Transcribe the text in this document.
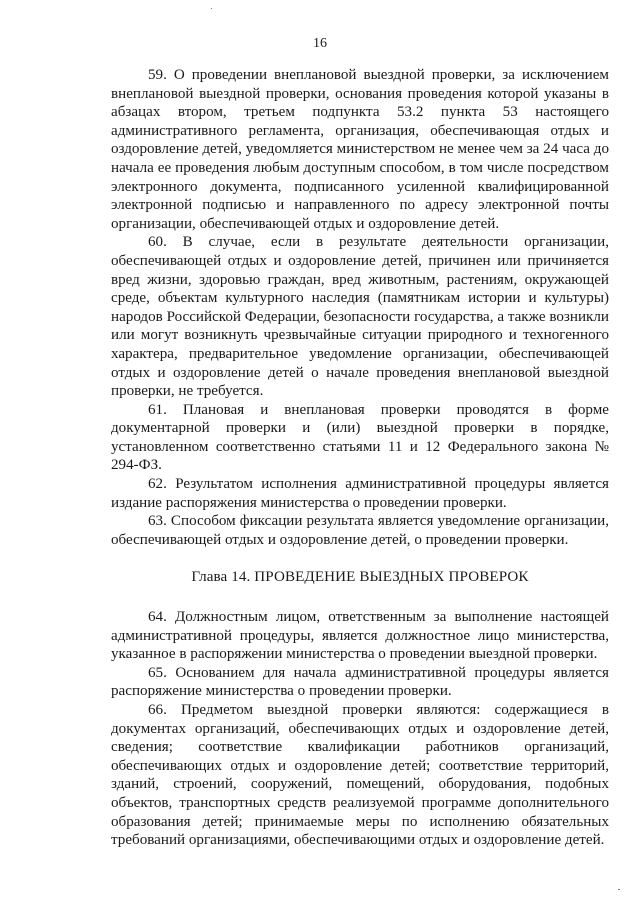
16

59. О проведении внеплановой выездной проверки, за исключением внеплановой выездной проверки, основания проведения которой указаны в абзацах втором, третьем подпункта 53.2 пункта 53 настоящего административного регламента, организация, обеспечивающая отдых и оздоровление детей, уведомляется министерством не менее чем за 24 часа до начала ее проведения любым доступным способом, в том числе посредством электронного документа, подписанного усиленной квалифицированной электронной подписью и направленного по адресу электронной почты организации, обеспечивающей отдых и оздоровление детей.

60. В случае, если в результате деятельности организации, обеспечивающей отдых и оздоровление детей, причинен или причиняется вред жизни, здоровью граждан, вред животным, растениям, окружающей среде, объектам культурного наследия (памятникам истории и культуры) народов Российской Федерации, безопасности государства, а также возникли или могут возникнуть чрезвычайные ситуации природного и техногенного характера, предварительное уведомление организации, обеспечивающей отдых и оздоровление детей о начале проведения внеплановой выездной проверки, не требуется.

61. Плановая и внеплановая проверки проводятся в форме документарной проверки и (или) выездной проверки в порядке, установленном соответственно статьями 11 и 12 Федерального закона № 294-ФЗ.

62. Результатом исполнения административной процедуры является издание распоряжения министерства о проведении проверки.

63. Способом фиксации результата является уведомление организации, обеспечивающей отдых и оздоровление детей, о проведении проверки.

Глава 14. ПРОВЕДЕНИЕ ВЫЕЗДНЫХ ПРОВЕРОК

64. Должностным лицом, ответственным за выполнение настоящей административной процедуры, является должностное лицо министерства, указанное в распоряжении министерства о проведении выездной проверки.

65. Основанием для начала административной процедуры является распоряжение министерства о проведении проверки.

66. Предметом выездной проверки являются: содержащиеся в документах организаций, обеспечивающих отдых и оздоровление детей, сведения; соответствие квалификации работников организаций, обеспечивающих отдых и оздоровление детей; соответствие территорий, зданий, строений, сооружений, помещений, оборудования, подобных объектов, транспортных средств реализуемой программе дополнительного образования детей; принимаемые меры по исполнению обязательных требований организациями, обеспечивающими отдых и оздоровление детей.
